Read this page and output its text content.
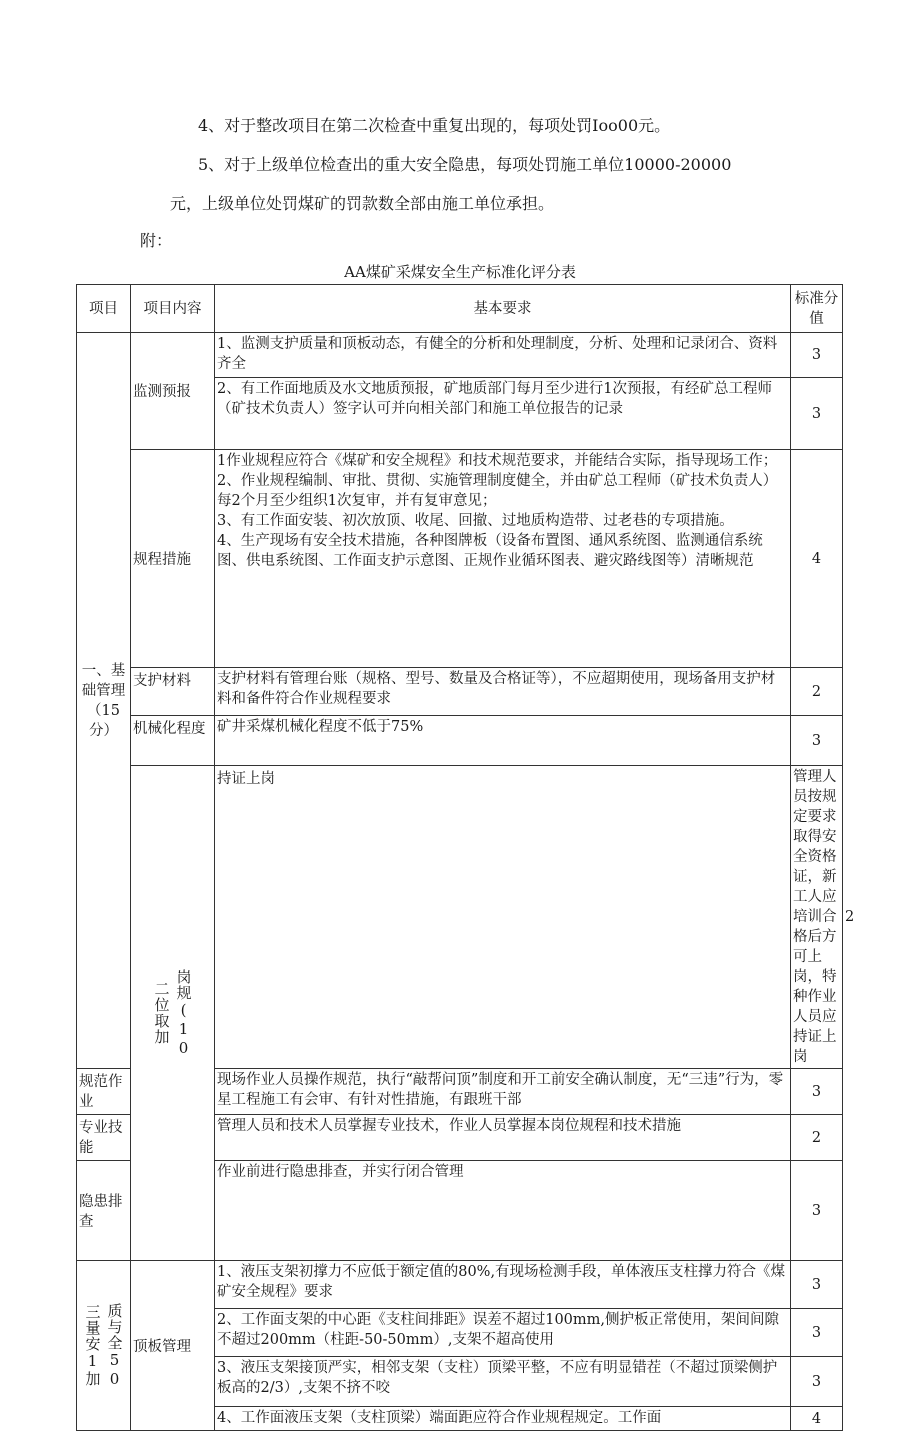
4、对于整改项目在第二次检查中重复出现的，每项处罚Ioo00元。
5、对于上级单位检查出的重大安全隐患，每项处罚施工单位10000-20000
元，上级单位处罚煤矿的罚款数全部由施工单位承担。
附：
AA煤矿采煤安全生产标准化评分表
项目	项目内容	基本要求	标准分值	
一、基础管理（15分）	监测预报	1、监测支护质量和顶板动态，有健全的分析和处理制度，分析、处理和记录闭合、资料齐全	3	
		2、有工作面地质及水文地质预报，矿地质部门每月至少进行1次预报，有经矿总工程师（矿技术负责人）签字认可并向相关部门和施工单位报告的记录	3	
	规程措施	1作业规程应符合《煤矿和安全规程》和技术规范要求，并能结合实际，指导现场工作；
2、作业规程编制、审批、贯彻、实施管理制度健全，并由矿总工程师（矿技术负责人）每2个月至少组织1次复审，并有复审意见；
3、有工作面安装、初次放顶、收尾、回撤、过地质构造带、过老巷的专项措施。
4、生产现场有安全技术措施，各种图牌板（设备布置图、通风系统图、监测通信系统图、供电系统图、工作面支护示意图、正规作业循环图表、避灾路线图等）清晰规范	4	
	支护材料	支护材料有管理台账（规格、型号、数量及合格证等），不应超期使用，现场备用支护材料和备件符合作业规程要求	2	
	机械化程度	矿井采煤机械化程度不低于75%	3	

	二位取加 岗规(10	持证上岗	管理人员按规定要求取得安全资格证，新工人应培训合格后方可上岗，特种作业人员应持证上岗	2
规范作业		现场作业人员操作规范，执行“敲帮问顶”制度和开工前安全确认制度，无“三违”行为，零星工程施工有会审、有针对性措施，有跟班干部	3	
专业技能		管理人员和技术人员掌握专业技术，作业人员掌握本岗位规程和技术措施	2	
隐患排查		作业前进行隐患排查，并实行闭合管理	3	

三量安1加 质与全50	顶板管理	1、液压支架初撑力不应低于额定值的80%,有现场检测手段，单体液压支柱撑力符合《煤矿安全规程》要求	3	
		2、工作面支架的中心距《支柱间排距》误差不超过100mm,侧护板正常使用，架间间隙不超过200mm（柱距-50-50mm）,支架不超高使用	3	
		3、液压支架接顶严实，相邻支架（支柱）顶梁平整，不应有明显错茬（不超过顶梁侧护板高的2/3）,支架不挤不咬	3	
		4、工作面液压支架（支柱顶梁）端面距应符合作业规程规定。工作面	4	
